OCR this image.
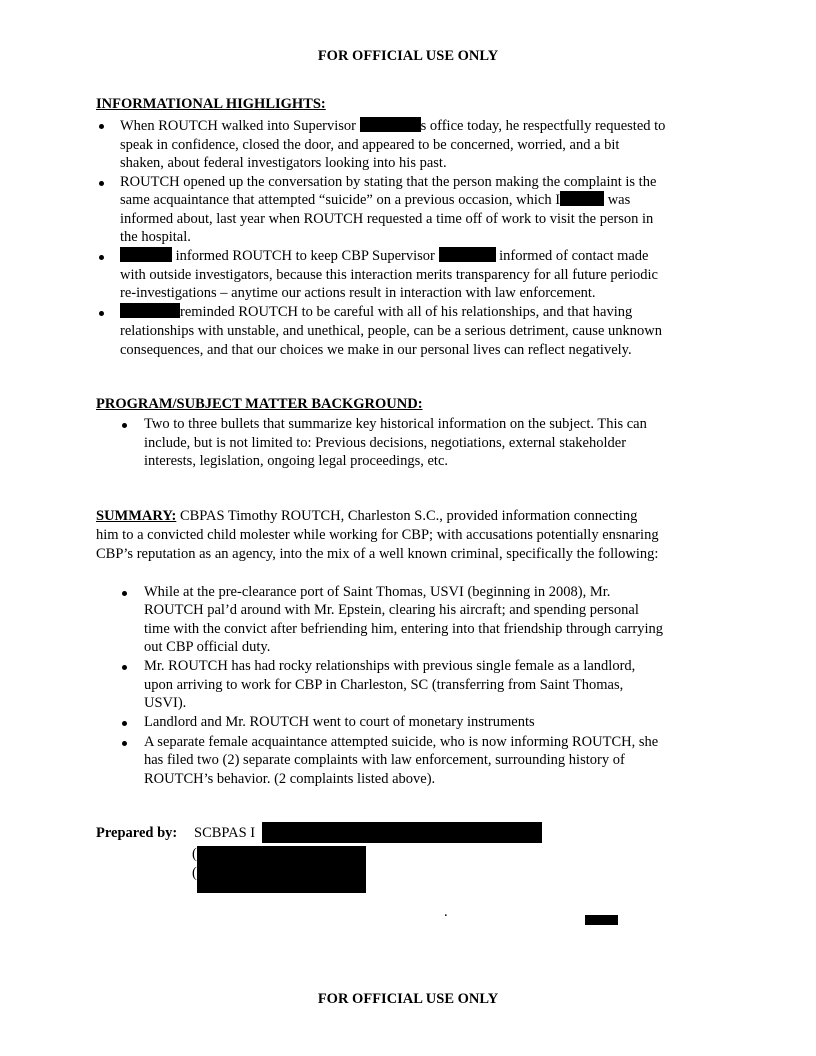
FOR OFFICIAL USE ONLY
INFORMATIONAL HIGHLIGHTS:
When ROUTCH walked into Supervisor	s office today, he respectfully requested to
speak in confidence, closed the door, and appeared to be concerned, worried, and a bit
shaken, about federal investigators looking into his past.
ROUTCH opened up the conversation by stating that the person making the complaint is the
same acquaintance that attempted “suicide” on a previous occasion, which I	was
informed about, last year when ROUTCH requested a time off of work to visit the person in
the hospital.
informed ROUTCH to keep CBP Supervisor	informed of contact made
with outside investigators, because this interaction merits transparency for all future periodic
re-investigations – anytime our actions result in interaction with law enforcement.
reminded ROUTCH to be careful with all of his relationships, and that having
relationships with unstable, and unethical, people, can be a serious detriment, cause unknown
consequences, and that our choices we make in our personal lives can reflect negatively.
PROGRAM/SUBJECT MATTER BACKGROUND:
Two to three bullets that summarize key historical information on the subject. This can
include, but is not limited to: Previous decisions, negotiations, external stakeholder
interests, legislation, ongoing legal proceedings, etc.
SUMMARY: CBPAS Timothy ROUTCH, Charleston S.C., provided information connecting
him to a convicted child molester while working for CBP; with accusations potentially ensnaring
CBP’s reputation as an agency, into the mix of a well known criminal, specifically the following:
While at the pre-clearance port of Saint Thomas, USVI (beginning in 2008), Mr.
ROUTCH pal’d around with Mr. Epstein, clearing his aircraft; and spending personal
time with the convict after befriending him, entering into that friendship through carrying
out CBP official duty.
Mr. ROUTCH has had rocky relationships with previous single female as a landlord,
upon arriving to work for CBP in Charleston, SC (transferring from Saint Thomas,
USVI).
Landlord and Mr. ROUTCH went to court of monetary instruments
A separate female acquaintance attempted suicide, who is now informing ROUTCH, she
has filed two (2) separate complaints with law enforcement, surrounding history of
ROUTCH’s behavior. (2 complaints listed above).
Prepared by: SCBPAS I
(
(
.
FOR OFFICIAL USE ONLY
